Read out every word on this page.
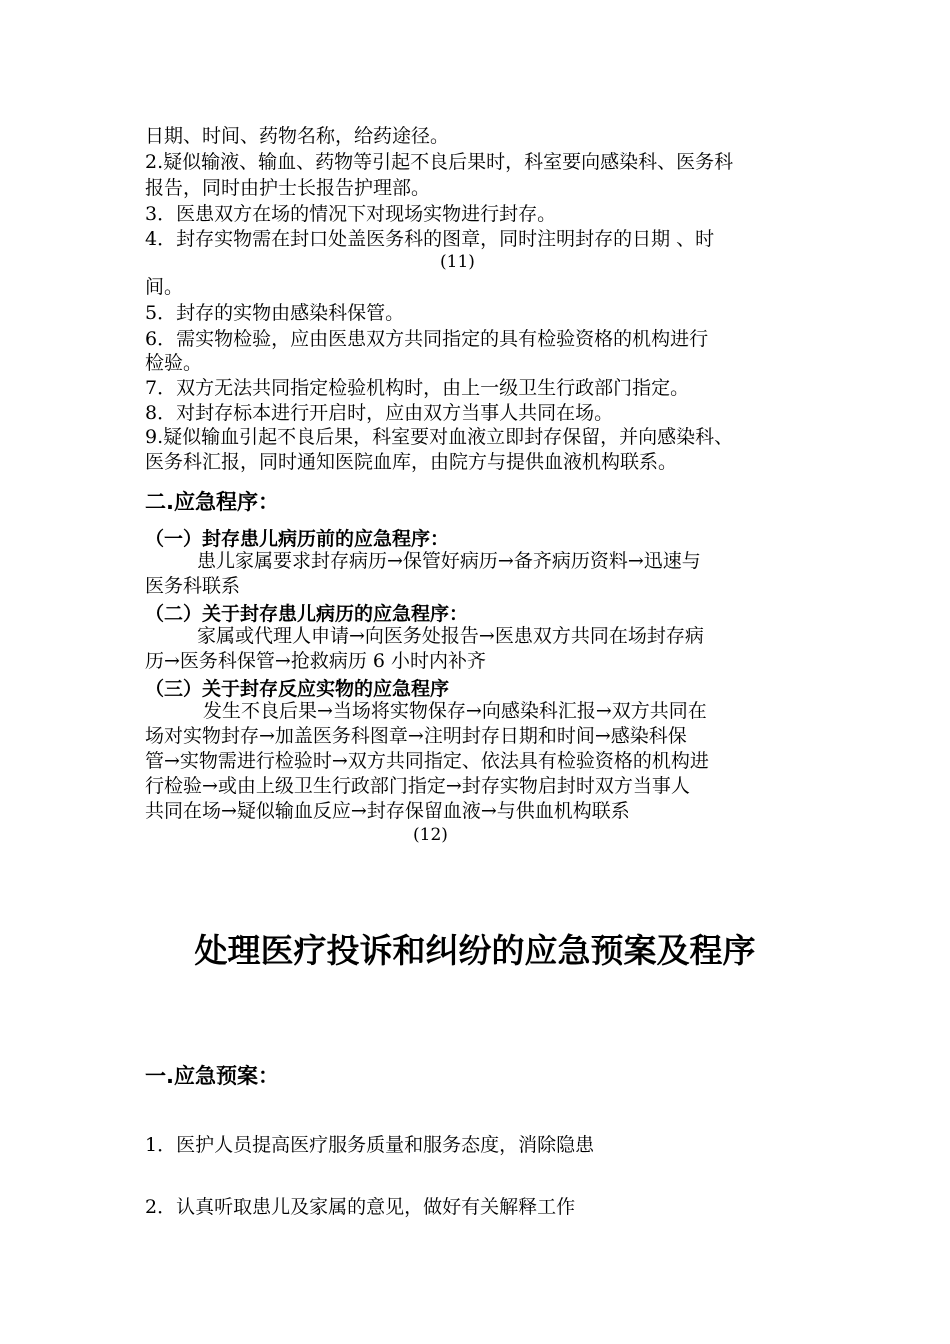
日期、时间、药物名称，给药途径。
2.疑似输液、输血、药物等引起不良后果时，科室要向感染科、医务科
报告，同时由护士长报告护理部。
3．医患双方在场的情况下对现场实物进行封存。
4．封存实物需在封口处盖医务科的图章，同时注明封存的日期 、时
(11)
间。
5．封存的实物由感染科保管。
6．需实物检验，应由医患双方共同指定的具有检验资格的机构进行
检验。
7．双方无法共同指定检验机构时，由上一级卫生行政部门指定。
8．对封存标本进行开启时，应由双方当事人共同在场。
9.疑似输血引起不良后果，科室要对血液立即封存保留，并向感染科、
医务科汇报，同时通知医院血库，由院方与提供血液机构联系。
二.应急程序：
（一）封存患儿病历前的应急程序：
患儿家属要求封存病历→保管好病历→备齐病历资料→迅速与
医务科联系
（二）关于封存患儿病历的应急程序：
家属或代理人申请→向医务处报告→医患双方共同在场封存病
历→医务科保管→抢救病历 6 小时内补齐
（三）关于封存反应实物的应急程序
发生不良后果→当场将实物保存→向感染科汇报→双方共同在
场对实物封存→加盖医务科图章→注明封存日期和时间→感染科保
管→实物需进行检验时→双方共同指定、依法具有检验资格的机构进
行检验→或由上级卫生行政部门指定→封存实物启封时双方当事人
共同在场→疑似输血反应→封存保留血液→与供血机构联系
(12)
处理医疗投诉和纠纷的应急预案及程序
一.应急预案：
1．医护人员提高医疗服务质量和服务态度，消除隐患
2．认真听取患儿及家属的意见，做好有关解释工作
